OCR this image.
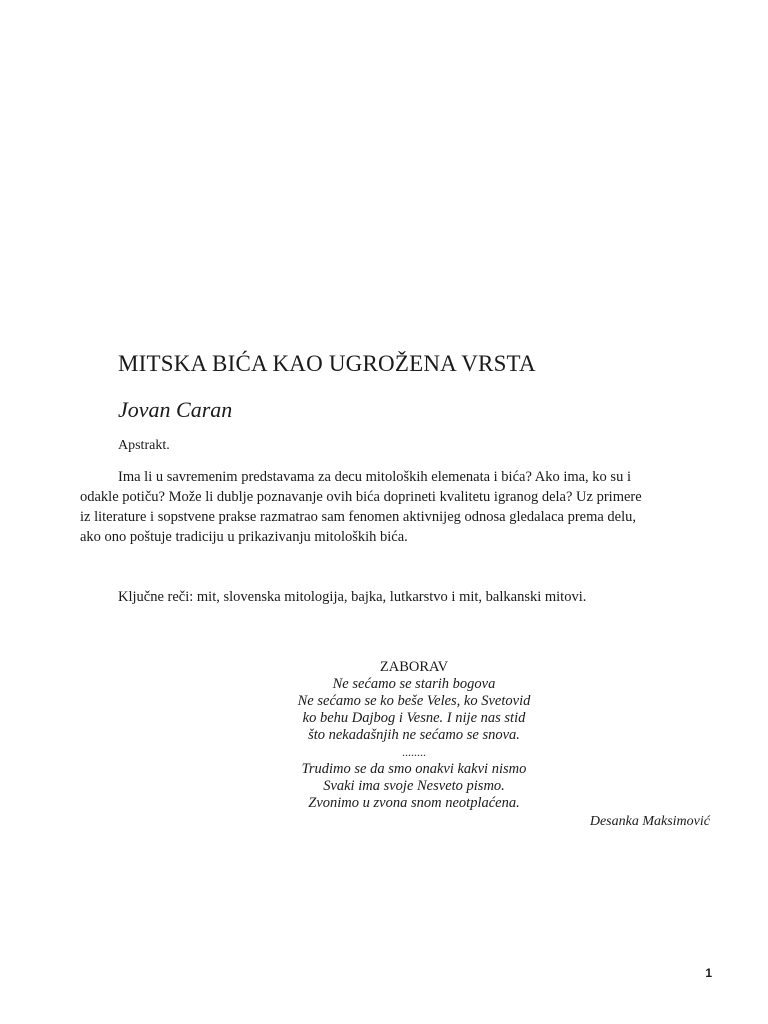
MITSKA BIĆA KAO UGROŽENA VRSTA
Jovan Caran
Apstrakt.
Ima li u savremenim predstavama za decu mitoloških elemenata i bića? Ako ima, ko su i
odakle potiču? Može li dublje poznavanje ovih bića doprineti kvalitetu igranog dela? Uz primere
iz literature i sopstvene prakse razmatrao sam fenomen aktivnijeg odnosa gledalaca prema delu,
ako ono poštuje tradiciju u prikazivanju mitoloških bića.
Ključne reči: mit, slovenska mitologija, bajka, lutkarstvo i mit, balkanski mitovi.
ZABORAV
Ne sećamo se starih bogova
Ne sećamo se ko beše Veles, ko Svetovid
ko behu Dajbog i Vesne. I nije nas stid
što nekadašnjih ne sećamo se snova.
........
Trudimo se da smo onakvi kakvi nismo
Svaki ima svoje Nesveto pismo.
Zvonimo u zvona snom neotplaćena.
Desanka Maksimović
1
